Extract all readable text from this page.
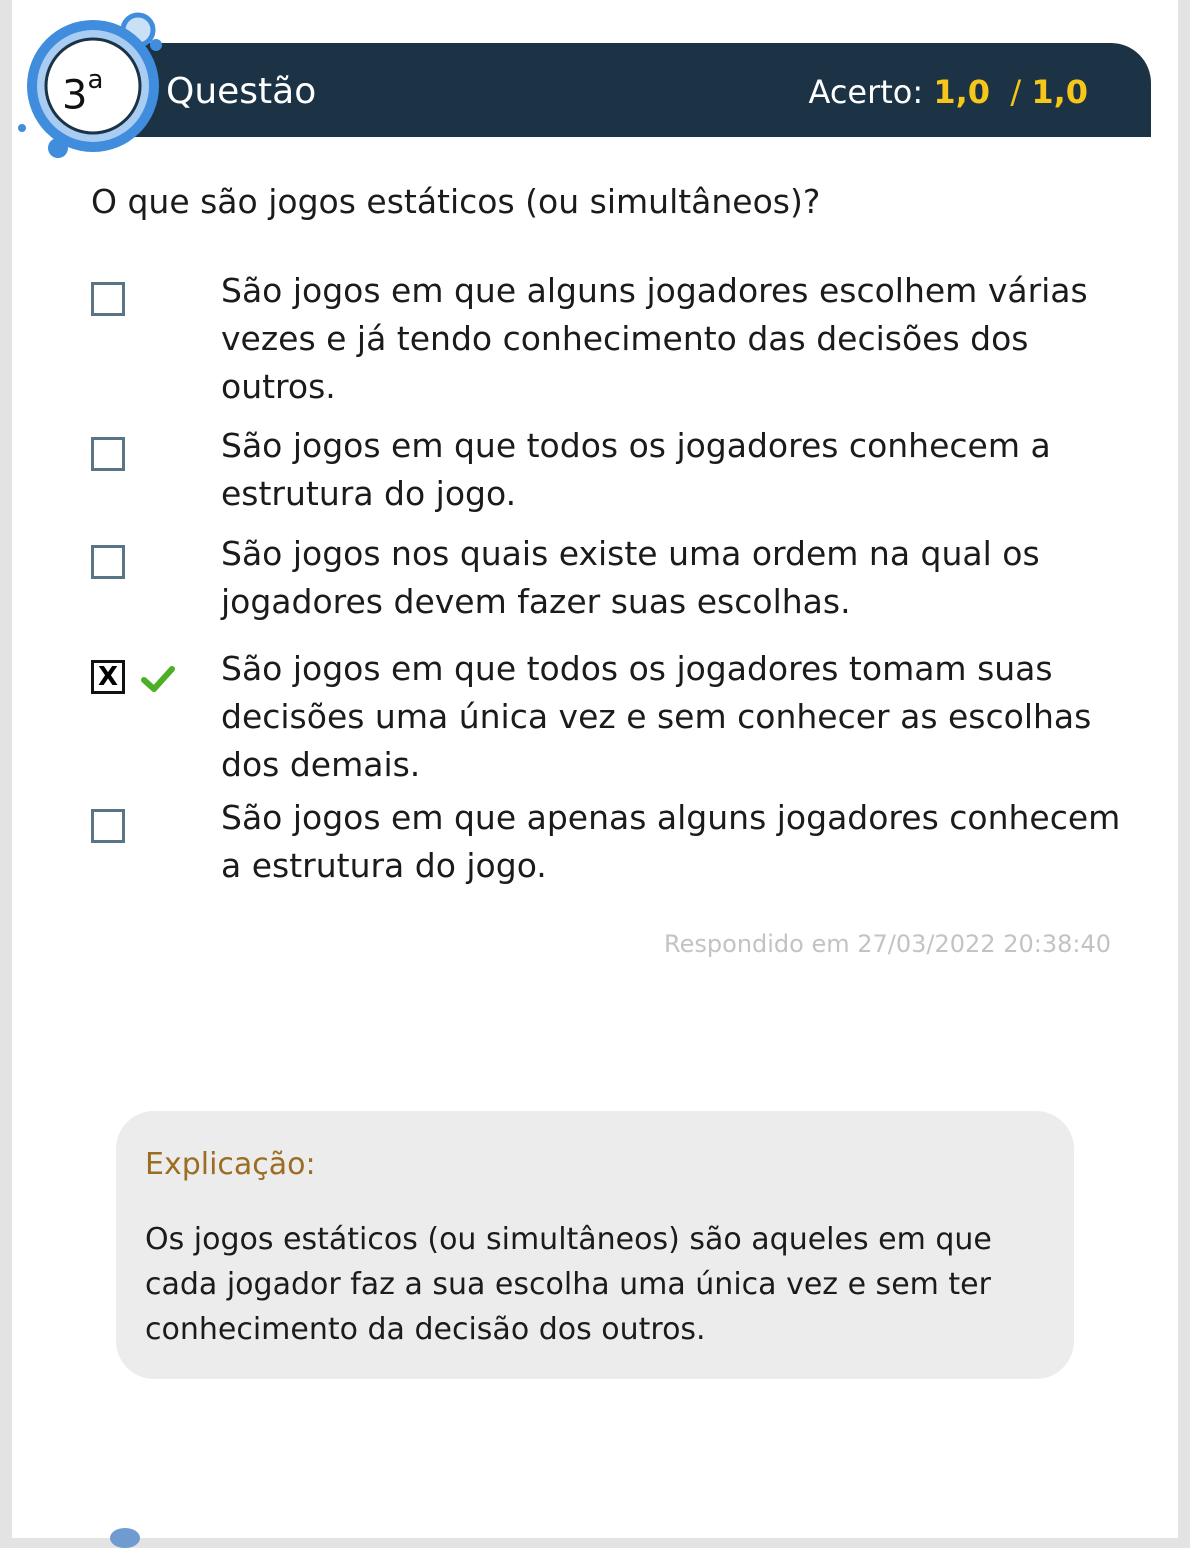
3$^a$ Questão	Acerto: 1,0 / 1,0
O que são jogos estáticos (ou simultâneos)?
São jogos em que alguns jogadores escolhem várias vezes e já tendo conhecimento das decisões dos outros.
São jogos em que todos os jogadores conhecem a estrutura do jogo.
São jogos nos quais existe uma ordem na qual os jogadores devem fazer suas escolhas.
X	São jogos em que todos os jogadores tomam suas decisões uma única vez e sem conhecer as escolhas dos demais.
São jogos em que apenas alguns jogadores conhecem a estrutura do jogo.
Respondido em 27/03/2022 20:38:40
Explicação:
Os jogos estáticos (ou simultâneos) são aqueles em que cada jogador faz a sua escolha uma única vez e sem ter conhecimento da decisão dos outros.
